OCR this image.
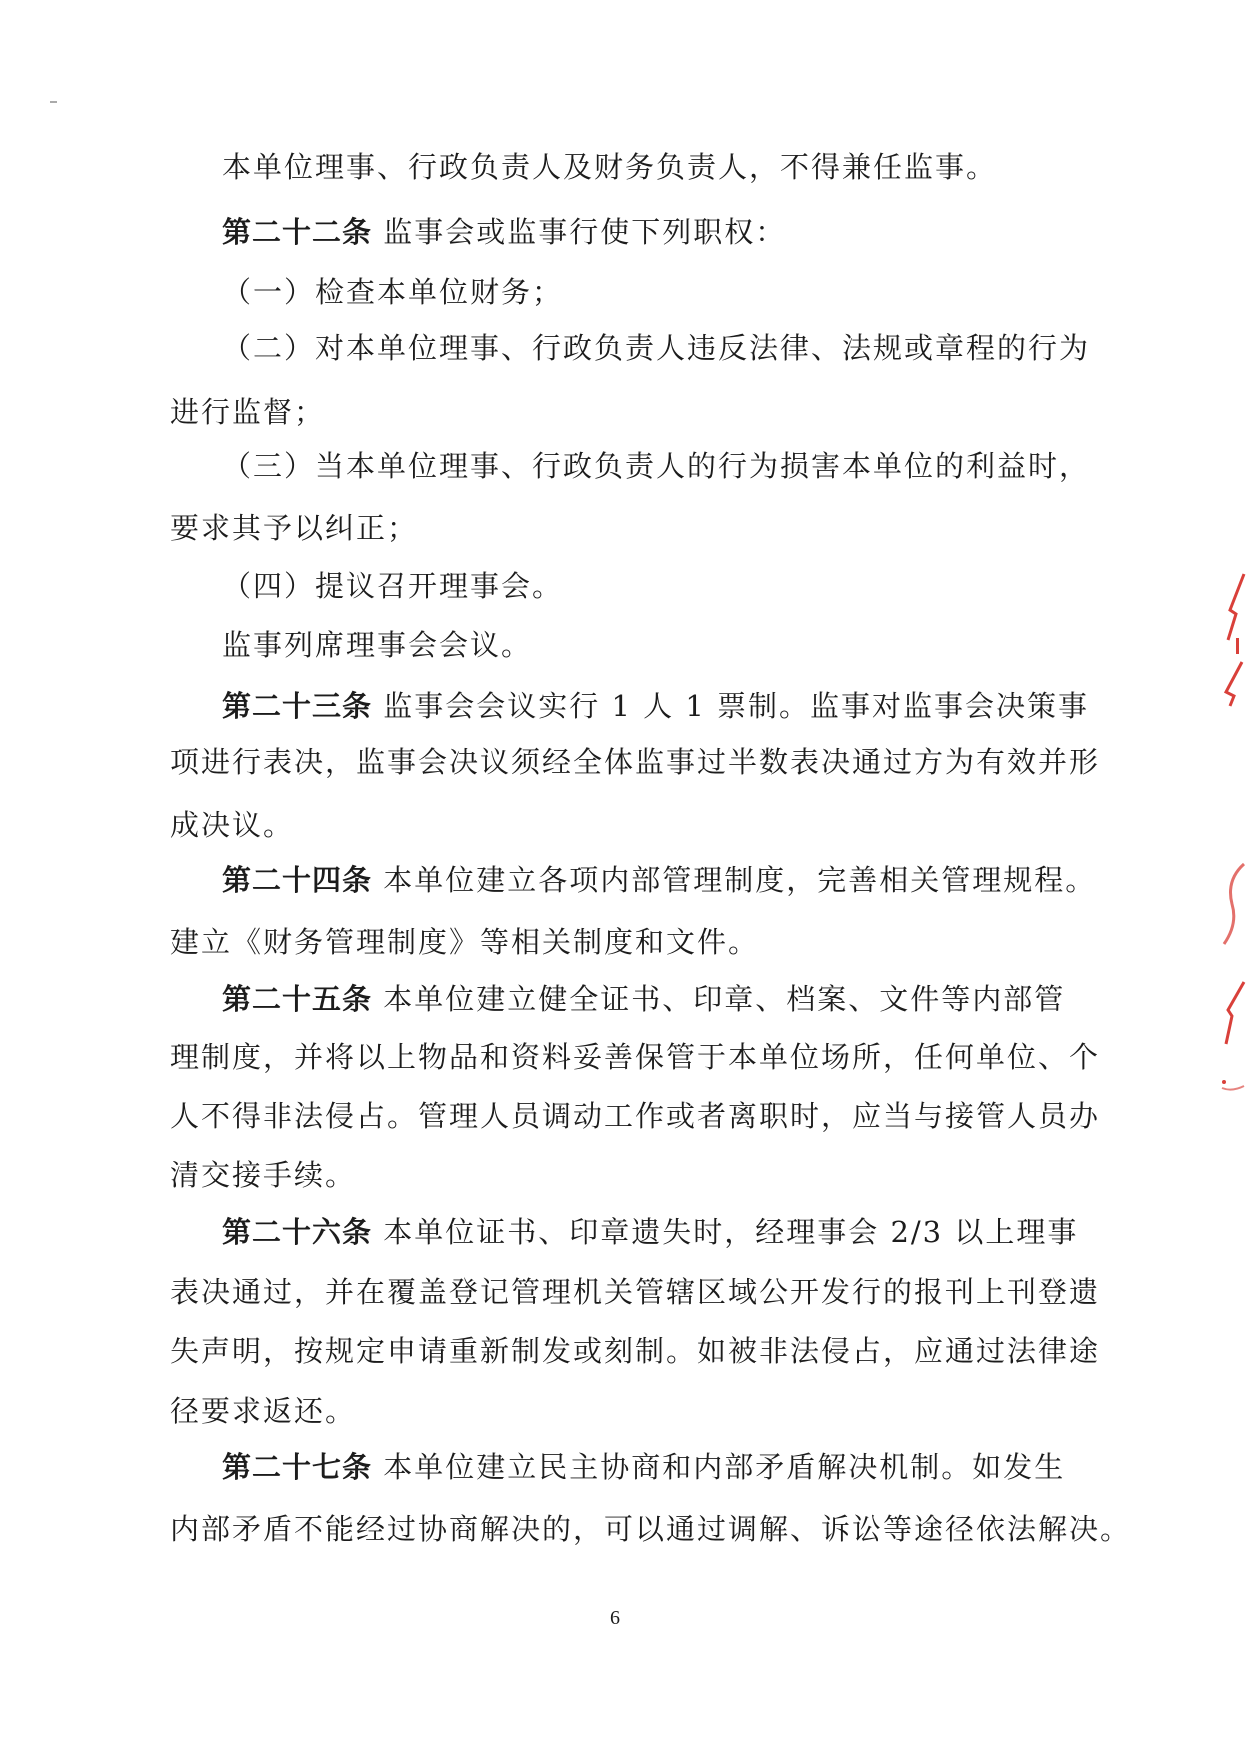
本单位理事、行政负责人及财务负责人，不得兼任监事。
第二十二条 监事会或监事行使下列职权：
（一）检查本单位财务；
（二）对本单位理事、行政负责人违反法律、法规或章程的行为
进行监督；
（三）当本单位理事、行政负责人的行为损害本单位的利益时，
要求其予以纠正；
（四）提议召开理事会。
监事列席理事会会议。
第二十三条 监事会会议实行 1 人 1 票制。监事对监事会决策事
项进行表决，监事会决议须经全体监事过半数表决通过方为有效并形
成决议。
第二十四条 本单位建立各项内部管理制度，完善相关管理规程。
建立《财务管理制度》等相关制度和文件。
第二十五条 本单位建立健全证书、印章、档案、文件等内部管
理制度，并将以上物品和资料妥善保管于本单位场所，任何单位、个
人不得非法侵占。管理人员调动工作或者离职时，应当与接管人员办
清交接手续。
第二十六条 本单位证书、印章遗失时，经理事会 2/3 以上理事
表决通过，并在覆盖登记管理机关管辖区域公开发行的报刊上刊登遗
失声明，按规定申请重新制发或刻制。如被非法侵占，应通过法律途
径要求返还。
第二十七条 本单位建立民主协商和内部矛盾解决机制。如发生
内部矛盾不能经过协商解决的，可以通过调解、诉讼等途径依法解决。
6
